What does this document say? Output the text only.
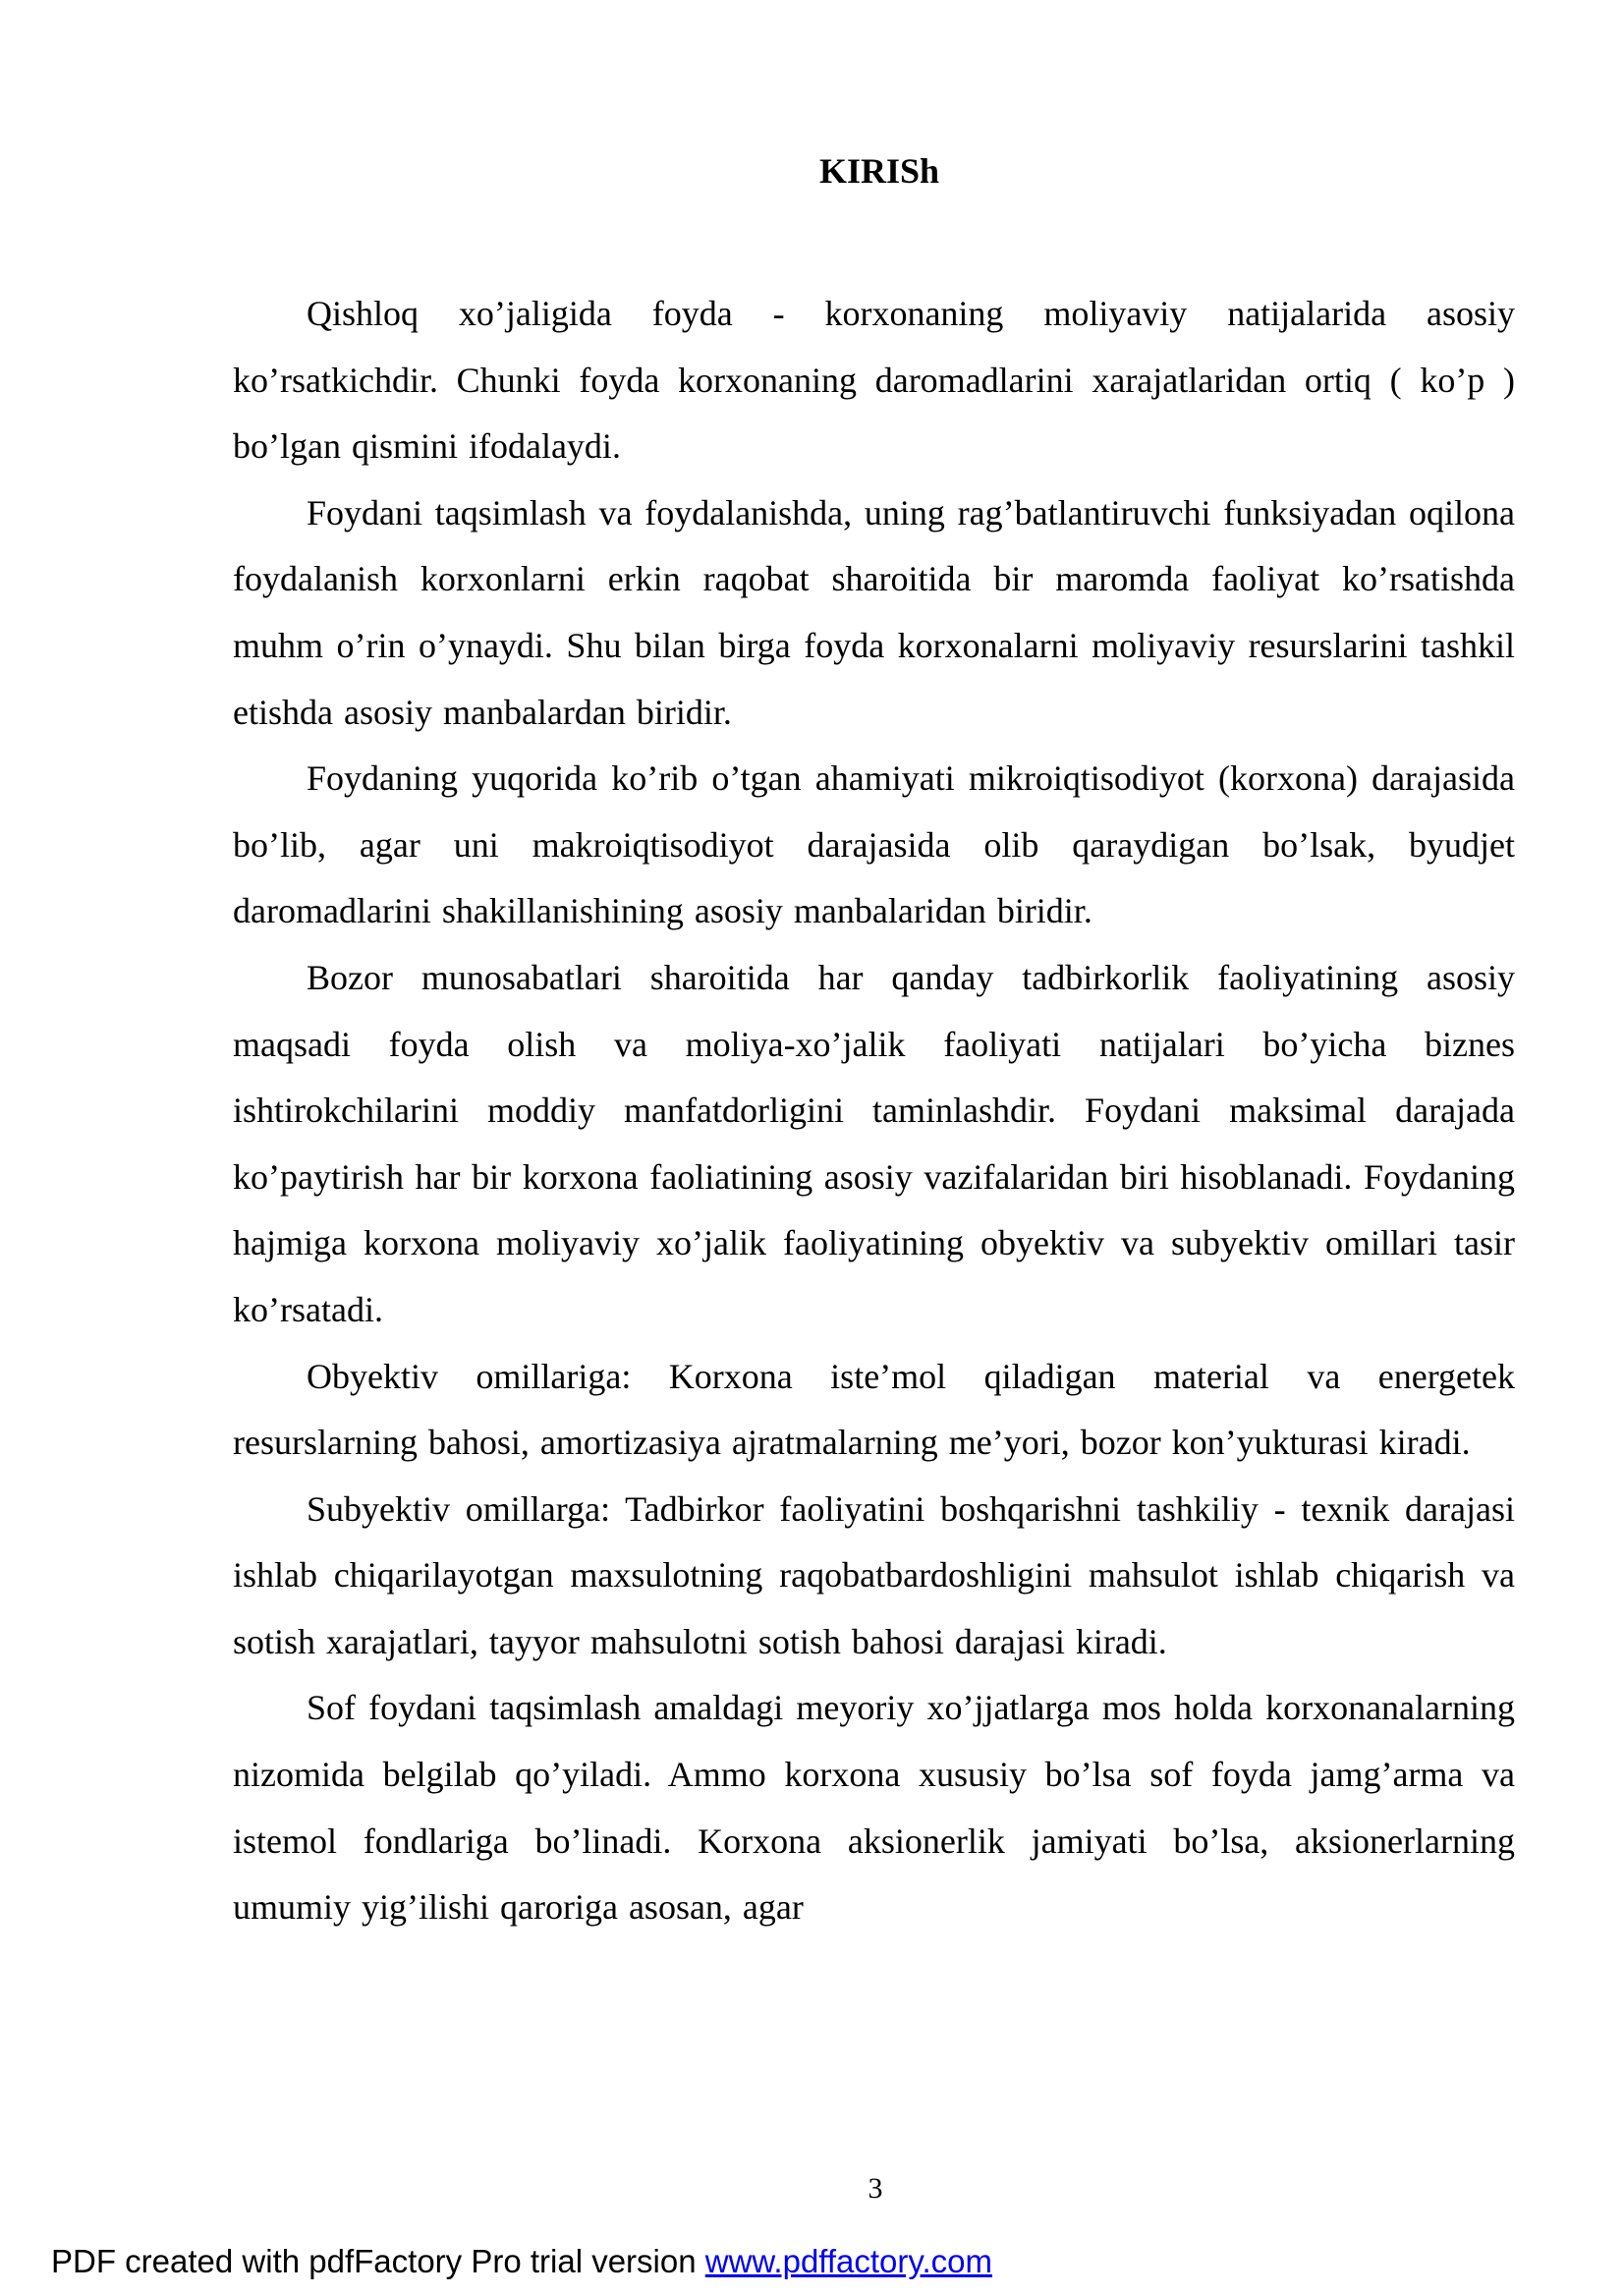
KIRISh

Qishloq xo’jaligida foyda - korxonaning moliyaviy natijalarida asosiy ko’rsatkichdir. Chunki foyda korxonaning daromadlarini xarajatlaridan ortiq ( ko’p ) bo’lgan qismini ifodalaydi.

Foydani taqsimlash va foydalanishda, uning rag’batlantiruvchi funksiyadan oqilona foydalanish korxonlarni erkin raqobat sharoitida bir maromda faoliyat ko’rsatishda muhm o’rin o’ynaydi. Shu bilan birga foyda korxonalarni moliyaviy resurslarini tashkil etishda asosiy manbalardan biridir.

Foydaning yuqorida ko’rib o’tgan ahamiyati mikroiqtisodiyot (korxona) darajasida bo’lib, agar uni makroiqtisodiyot darajasida olib qaraydigan bo’lsak, byudjet daromadlarini shakillanishining asosiy manbalaridan biridir.

Bozor munosabatlari sharoitida har qanday tadbirkorlik faoliyatining asosiy maqsadi foyda olish va moliya-xo’jalik faoliyati natijalari bo’yicha biznes ishtirokchilarini moddiy manfatdorligini taminlashdir. Foydani maksimal darajada ko’paytirish har bir korxona faoliatining asosiy vazifalaridan biri hisoblanadi. Foydaning hajmiga korxona moliyaviy xo’jalik faoliyatining obyektiv va subyektiv omillari tasir ko’rsatadi.

Obyektiv omillariga: Korxona iste’mol qiladigan material va energetek resurslarning bahosi, amortizasiya ajratmalarning me’yori, bozor kon’yukturasi kiradi.

Subyektiv omillarga: Tadbirkor faoliyatini boshqarishni tashkiliy - texnik darajasi ishlab chiqarilayotgan maxsulotning raqobatbardoshligini mahsulot ishlab chiqarish va sotish xarajatlari, tayyor mahsulotni sotish bahosi darajasi kiradi.

Sof foydani taqsimlash amaldagi meyoriy xo’jjatlarga mos holda korxonanalarning nizomida belgilab qo’yiladi. Ammo korxona xususiy bo’lsa sof foyda jamg’arma va istemol fondlariga bo’linadi. Korxona aksionerlik jamiyati bo’lsa, aksionerlarning umumiy yig’ilishi qaroriga asosan, agar

3
PDF created with pdfFactory Pro trial version www.pdffactory.com
